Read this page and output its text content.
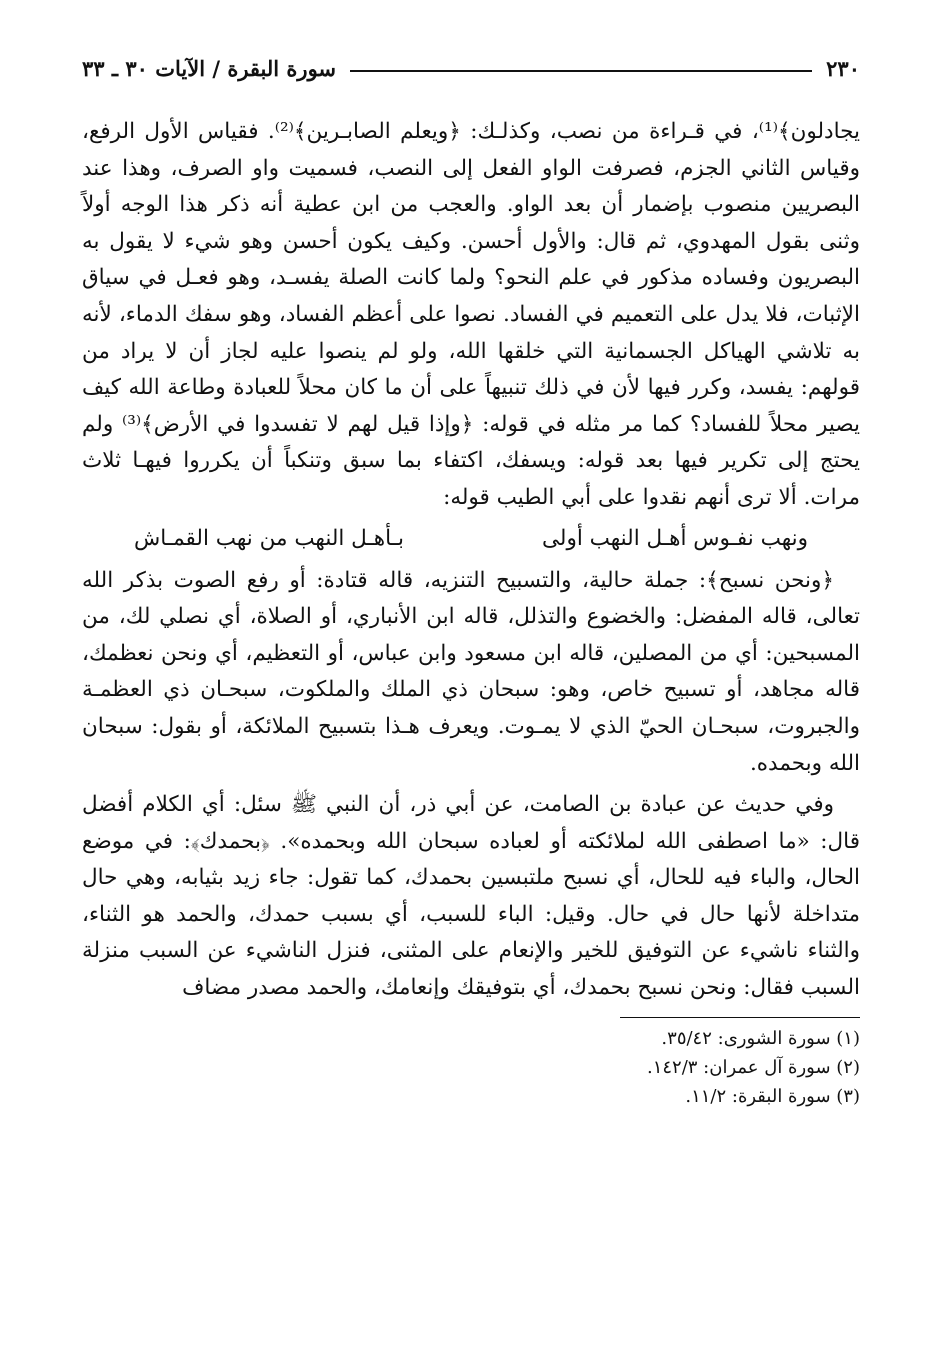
٢٣٠
سورة البقرة / الآيات ٣٠ ـ ٣٣

يجادلون﴾⁽¹⁾، في قـراءة من نصب، وكذلـك: ﴿ويعلم الصابـرين﴾⁽²⁾. فقياس الأول الرفع، وقياس الثاني الجزم، فصرفت الواو الفعل إلى النصب، فسميت واو الصرف، وهذا عند البصريين منصوب بإضمار أن بعد الواو. والعجب من ابن عطية أنه ذكر هذا الوجه أولاً وثنى بقول المهدوي، ثم قال: والأول أحسن. وكيف يكون أحسن وهو شيء لا يقول به البصريون وفساده مذكور في علم النحو؟ ولما كانت الصلة يفسـد، وهو فعـل في سياق الإثبات، فلا يدل على التعميم في الفساد. نصوا على أعظم الفساد، وهو سفك الدماء، لأنه به تلاشي الهياكل الجسمانية التي خلقها الله، ولو لم ينصوا عليه لجاز أن لا يراد من قولهم: يفسد، وكرر فيها لأن في ذلك تنبيهاً على أن ما كان محلاً للعبادة وطاعة الله كيف يصير محلاً للفساد؟ كما مر مثله في قوله: ﴿وإذا قيل لهم لا تفسدوا في الأرض﴾⁽³⁾ ولم يحتج إلى تكرير فيها بعد قوله: ويسفك، اكتفاء بما سبق وتنكباً أن يكرروا فيهـا ثلاث مرات. ألا ترى أنهم نقدوا على أبي الطيب قوله:

ونهب نفـوس أهـل النهب أولى
بـأهـل النهب من نهب القمـاش

﴿ونحن نسبح﴾: جملة حالية، والتسبيح التنزيه، قاله قتادة: أو رفع الصوت بذكر الله تعالى، قاله المفضل: والخضوع والتذلل، قاله ابن الأنباري، أو الصلاة، أي نصلي لك، من المسبحين: أي من المصلين، قاله ابن مسعود وابن عباس، أو التعظيم، أي ونحن نعظمك، قاله مجاهد، أو تسبيح خاص، وهو: سبحان ذي الملك والملكوت، سبحـان ذي العظمـة والجبروت، سبحـان الحيّ الذي لا يمـوت. ويعرف هـذا بتسبيح الملائكة، أو بقول: سبحان الله وبحمده.

وفي حديث عن عبادة بن الصامت، عن أبي ذر، أن النبي ﷺ سئل: أي الكلام أفضل قال: «ما اصطفى الله لملائكته أو لعباده سبحان الله وبحمده». ﴿بحمدك﴾: في موضع الحال، والباء فيه للحال، أي نسبح ملتبسين بحمدك، كما تقول: جاء زيد بثيابه، وهي حال متداخلة لأنها حال في حال. وقيل: الباء للسبب، أي بسبب حمدك، والحمد هو الثناء، والثناء ناشيء عن التوفيق للخير والإنعام على المثنى، فنزل الناشيء عن السبب منزلة السبب فقال: ونحن نسبح بحمدك، أي بتوفيقك وإنعامك، والحمد مصدر مضاف

(١) سورة الشورى: ٣٥/٤٢.
(٢) سورة آل عمران: ١٤٢/٣.
(٣) سورة البقرة: ١١/٢.
